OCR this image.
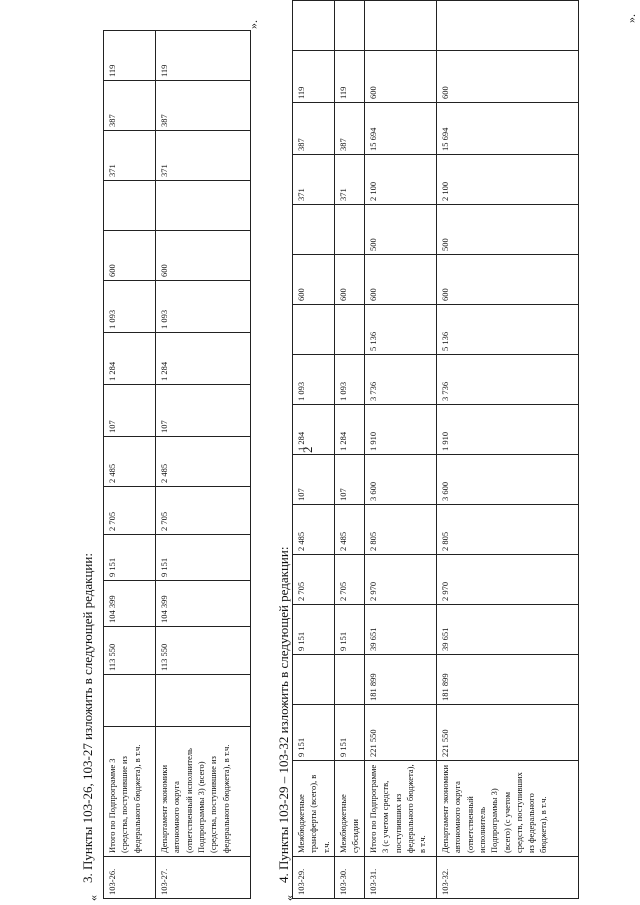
2
«
3. Пункты 103-26, 103-27 изложить в следующей редакции: 103-26.	Итого по Подпрограмме 3 (средства, поступившие из федерального бюджета), в т.ч.		113 550	104 399	9 151	2 705	2 485	107	1 284	1 093	600		371	387	119
103-27.	Департамент экономики автономного округа (ответственный исполнитель Подпрограммы 3) (всего) (средства, поступившие из федерального бюджета), в т.ч.		113 550	104 399	9 151	2 705	2 485	107	1 284	1 093	600		371	387	119
».
«
4. Пункты 103-29 – 103-32 изложить в следующей редакции: 103-29.	Межбюджетные трансферты (всего), в т.ч.	9 151		9 151	2 705	2 485	107	1 284	1 093		600		371	387	119	
103-30.	Межбюджетные субсидии	9 151		9 151	2 705	2 485	107	1 284	1 093		600		371	387	119	
103-31.	Итого по Подпрограмме 3 (с учетом средств, поступивших из федерального бюджета), в т.ч.	221 550	181 899	39 651	2 970	2 805	3 600	1 910	3 736	5 136	600	500	2 100	15 694	600	
103-32.	Департамент экономики автономного округа (ответственный исполнитель Подпрограммы 3) (всего) (с учетом средств, поступивших из федерального бюджета), в т.ч.	221 550	181 899	39 651	2 970	2 805	3 600	1 910	3 736	5 136	600	500	2 100	15 694	600	
».
